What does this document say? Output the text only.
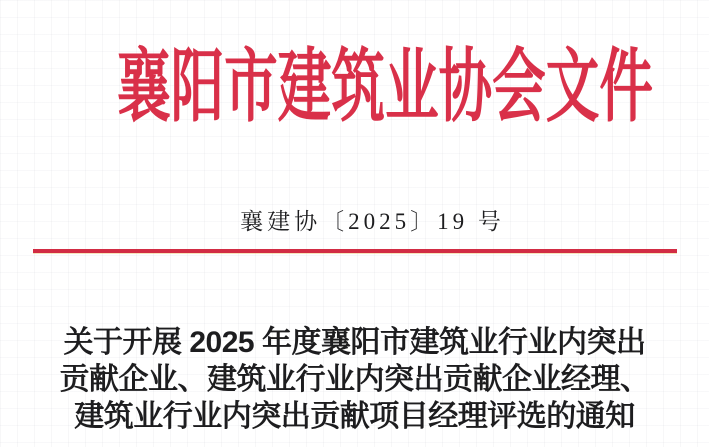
襄阳市建筑业协会文件
襄建协〔2025〕19 号
关于开展 2025 年度襄阳市建筑业行业内突出
贡献企业、建筑业行业内突出贡献企业经理、
建筑业行业内突出贡献项目经理评选的通知
